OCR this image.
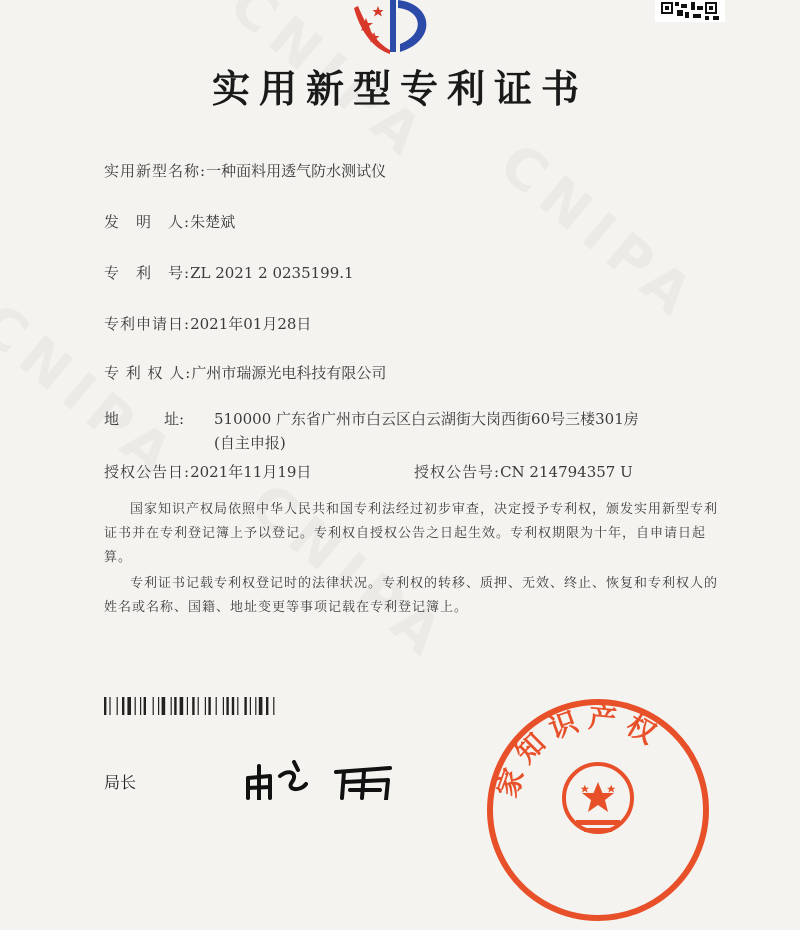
实用新型专利证书
实用新型名称:一种面料用透气防水测试仪
发　明　人:朱楚斌
专　利　号:ZL 2021 2 0235199.1
专利申请日:2021年01月28日
专 利 权 人:广州市瑞源光电科技有限公司
地　　　址: 510000 广东省广州市白云区白云湖街大岗西街60号三楼301房(自主申报)
授权公告日:2021年11月19日	授权公告号:CN 214794357 U
国家知识产权局依照中华人民共和国专利法经过初步审查，决定授予专利权，颁发实用新型专利证书并在专利登记簿上予以登记。专利权自授权公告之日起生效。专利权期限为十年，自申请日起算。
专利证书记载专利权登记时的法律状况。专利权的转移、质押、无效、终止、恢复和专利权人的姓名或名称、国籍、地址变更等事项记载在专利登记簿上。
局长	家知识产权
